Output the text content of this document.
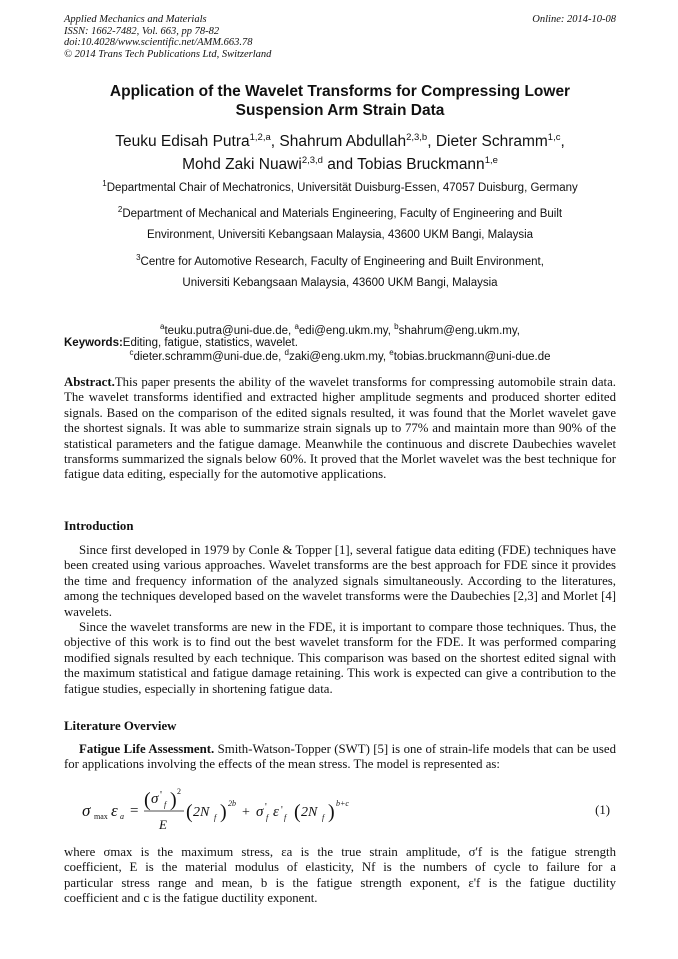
Applied Mechanics and Materials
ISSN: 1662-7482, Vol. 663, pp 78-82
doi:10.4028/www.scientific.net/AMM.663.78
© 2014 Trans Tech Publications Ltd, Switzerland
Online: 2014-10-08
Application of the Wavelet Transforms for Compressing Lower
Suspension Arm Strain Data
Teuku Edisah Putra$^{1,2,a}$, Shahrum Abdullah$^{2,3,b}$, Dieter Schramm$^{1,c}$,
Mohd Zaki Nuawi$^{2,3,d}$ and Tobias Bruckmann$^{1,e}$
$^1$Departmental Chair of Mechatronics, Universität Duisburg-Essen, 47057 Duisburg, Germany
$^2$Department of Mechanical and Materials Engineering, Faculty of Engineering and Built
Environment, Universiti Kebangsaan Malaysia, 43600 UKM Bangi, Malaysia
$^3$Centre for Automotive Research, Faculty of Engineering and Built Environment,
Universiti Kebangsaan Malaysia, 43600 UKM Bangi, Malaysia

$^a$teuku.putra@uni-due.de, $^a$edi@eng.ukm.my, $^b$shahrum@eng.ukm.my,
$^c$dieter.schramm@uni-due.de, $^d$zaki@eng.ukm.my, $^e$tobias.bruckmann@uni-due.de
Keywords:Editing, fatigue, statistics, wavelet.

Abstract.This paper presents the ability of the wavelet transforms for compressing automobile strain data. The wavelet transforms identified and extracted higher amplitude segments and produced shorter edited signals. Based on the comparison of the edited signals resulted, it was found that the Morlet wavelet gave the shortest signals. It was able to summarize strain signals up to 77% and maintain more than 90% of the statistical parameters and the fatigue damage. Meanwhile the continuous and discrete Daubechies wavelet transforms summarized the signals below 60%. It proved that the Morlet wavelet was the best technique for fatigue data editing, especially for the automotive applications.

Introduction

Since first developed in 1979 by Conle & Topper [1], several fatigue data editing (FDE) techniques have been created using various approaches. Wavelet transforms are the best approach for FDE since it provides the time and frequency information of the analyzed signals simultaneously. According to the literatures, among the techniques developed based on the wavelet transforms were the Daubechies [2,3] and Morlet [4] wavelets.

Since the wavelet transforms are new in the FDE, it is important to compare those techniques. Thus, the objective of this work is to find out the best wavelet transform for the FDE. It was performed comparing modified signals resulted by each technique. This comparison was based on the shortest edited signal with the maximum statistical and fatigue damage retaining. This work is expected can give a contribution to the fatigue studies, especially in shortening fatigue data.

Literature Overview

Fatigue Life Assessment. Smith-Watson-Topper (SWT) [5] is one of strain-life models that can be used for applications involving the effects of the mean stress. The model is represented as:

σ max ε a = ( σ '
f ) 2
E
( 2N f ) 2b
+ σ '
f ε '
f ( 2N f ) b+c	(1)
where σmax is the maximum stress, εa is the true strain amplitude, σ'f is the fatigue strength
coefficient, E is the material modulus of elasticity, Nf is the numbers of cycle to failure for a
particular stress range and mean, b is the fatigue strength exponent, ε'f is the fatigue ductility
coefficient and c is the fatigue ductility exponent.
